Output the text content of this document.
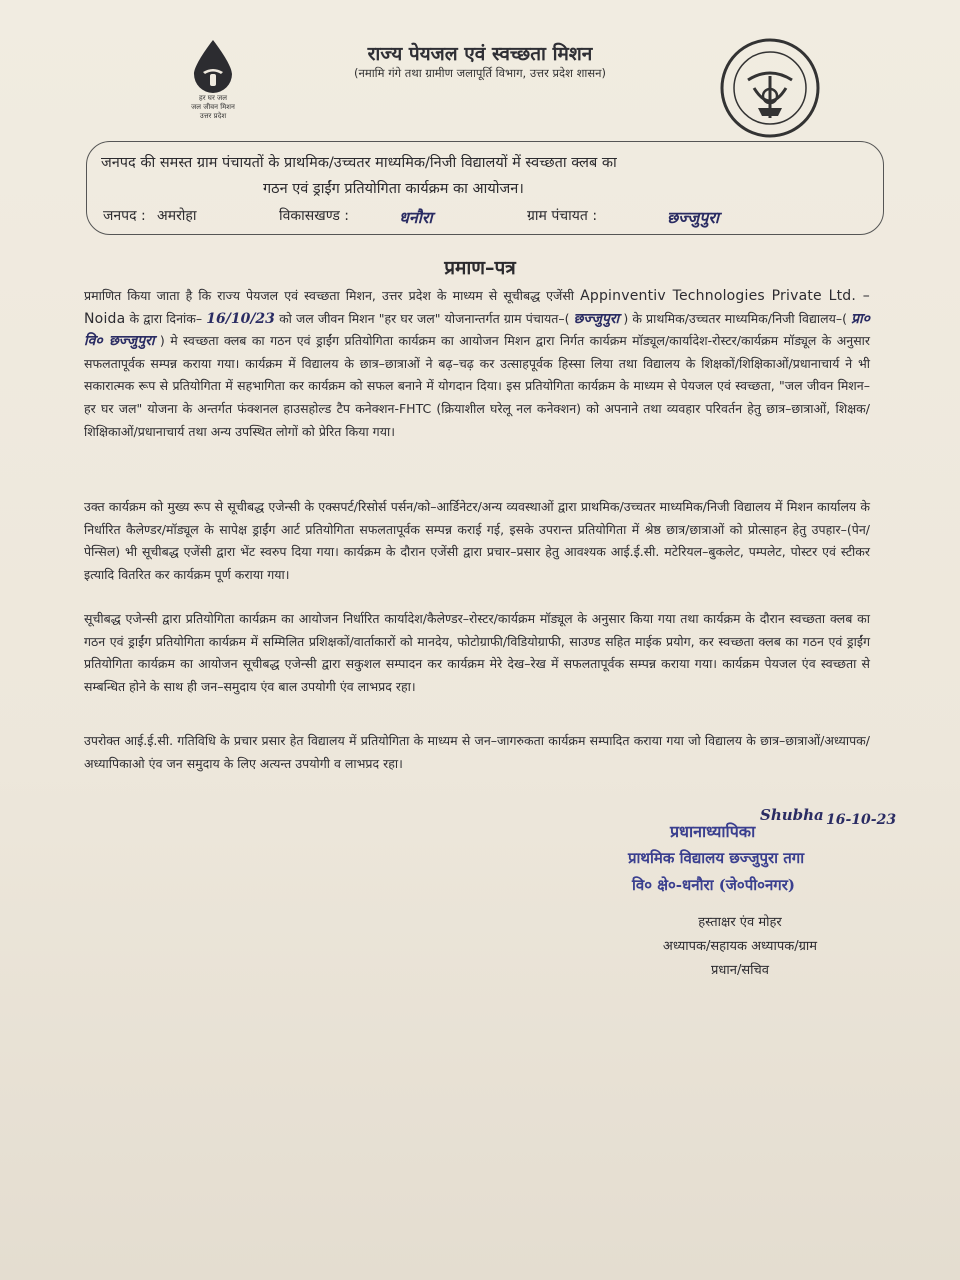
हर घर जल
जल जीवन मिशन
उत्तर प्रदेश
राज्य पेयजल एवं स्वच्छता मिशन
(नमामि गंगे तथा ग्रामीण जलापूर्ति विभाग, उत्तर प्रदेश शासन)
जनपद की समस्त ग्राम पंचायतों के प्राथमिक/उच्चतर माध्यमिक/निजी विद्यालयों में स्वच्छता क्लब का
गठन एवं ड्राईंग प्रतियोगिता कार्यक्रम का आयोजन।
जनपद : अमरोहा	विकासखण्ड :	धनौरा	ग्राम पंचायत :	छज्जुपुरा
प्रमाण–पत्र
प्रमाणित किया जाता है कि राज्य पेयजल एवं स्वच्छता मिशन, उत्तर प्रदेश के माध्यम से सूचीबद्ध एजेंसी Appinventiv Technologies Private Ltd. – Noida के द्वारा दिनांक– 16/10/23 को जल जीवन मिशन "हर घर जल" योजनान्तर्गत ग्राम पंचायत–( छज्जुपुरा ) के प्राथमिक/उच्चतर माध्यमिक/निजी विद्यालय–( प्रा० वि० छज्जुपुरा ) मे स्वच्छता क्लब का गठन एवं ड्राईंग प्रतियोगिता कार्यक्रम का आयोजन मिशन द्वारा निर्गत कार्यक्रम मॉड्यूल/कार्यादेश-रोस्टर/कार्यक्रम मॉड्यूल के अनुसार सफलतापूर्वक सम्पन्न कराया गया। कार्यक्रम में विद्यालय के छात्र–छात्राओं ने बढ़–चढ़ कर उत्साहपूर्वक हिस्सा लिया तथा विद्यालय के शिक्षकों/शिक्षिकाओं/प्रधानाचार्य ने भी सकारात्मक रूप से प्रतियोगिता में सहभागिता कर कार्यक्रम को सफल बनाने में योगदान दिया। इस प्रतियोगिता कार्यक्रम के माध्यम से पेयजल एवं स्वच्छता, "जल जीवन मिशन–हर घर जल" योजना के अन्तर्गत फंक्शनल हाउसहोल्ड टैप कनेक्शन-FHTC (क्रियाशील घरेलू नल कनेक्शन) को अपनाने तथा व्यवहार परिवर्तन हेतु छात्र–छात्राओं, शिक्षक/शिक्षिकाओं/प्रधानाचार्य तथा अन्य उपस्थित लोगों को प्रेरित किया गया।
उक्त कार्यक्रम को मुख्य रूप से सूचीबद्ध एजेन्सी के एक्सपर्ट/रिसोर्स पर्सन/को–आर्डिनेटर/अन्य व्यवस्थाओं द्वारा प्राथमिक/उच्चतर माध्यमिक/निजी विद्यालय में मिशन कार्यालय के निर्धारित कैलेण्डर/मॉड्यूल के सापेक्ष ड्राईंग आर्ट प्रतियोगिता सफलतापूर्वक सम्पन्न कराई गई, इसके उपरान्त प्रतियोगिता में श्रेष्ठ छात्र/छात्राओं को प्रोत्साहन हेतु उपहार–(पेन/पेन्सिल) भी सूचीबद्ध एजेंसी द्वारा भेंट स्वरुप दिया गया। कार्यक्रम के दौरान एजेंसी द्वारा प्रचार–प्रसार हेतु आवश्यक आई.ई.सी. मटेरियल–बुकलेट, पम्पलेट, पोस्टर एवं स्टीकर इत्यादि वितरित कर कार्यक्रम पूर्ण कराया गया।
सूचीबद्ध एजेन्सी द्वारा प्रतियोगिता कार्यक्रम का आयोजन निर्धारित कार्यादेश/कैलेण्डर–रोस्टर/कार्यक्रम मॉड्यूल के अनुसार किया गया तथा कार्यक्रम के दौरान स्वच्छता क्लब का गठन एवं ड्राईंग प्रतियोगिता कार्यक्रम में सम्मिलित प्रशिक्षकों/वार्ताकारों को मानदेय, फोटोग्राफी/विडियोग्राफी, साउण्ड सहित माईक प्रयोग, कर स्वच्छता क्लब का गठन एवं ड्राईंग प्रतियोगिता कार्यक्रम का आयोजन सूचीबद्ध एजेन्सी द्वारा सकुशल सम्पादन कर कार्यक्रम मेरे देख–रेख में सफलतापूर्वक सम्पन्न कराया गया। कार्यक्रम पेयजल एंव स्वच्छता से सम्बन्धित होने के साथ ही जन–समुदाय एंव बाल उपयोगी एंव लाभप्रद रहा।
उपरोक्त आई.ई.सी. गतिविधि के प्रचार प्रसार हेत विद्यालय में प्रतियोगिता के माध्यम से जन–जागरुकता कार्यक्रम सम्पादित कराया गया जो विद्यालय के छात्र–छात्राओं/अध्यापक/अध्यापिकाओ एंव जन समुदाय के लिए अत्यन्त उपयोगी व लाभप्रद रहा।
Shubha 16-10-23
प्रधानाध्यापिका
प्राथमिक विद्यालय छज्जुपुरा तगा
वि० क्षे०-धनौरा (जे०पी०नगर)
हस्ताक्षर एंव मोहर
अध्यापक/सहायक अध्यापक/ग्राम
प्रधान/सचिव
